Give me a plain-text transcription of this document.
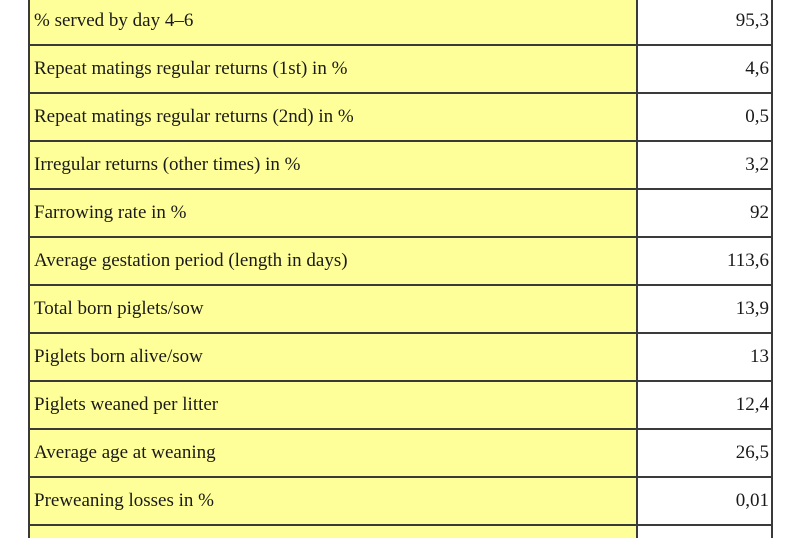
% served by day 4–6	95,3
Repeat matings regular returns (1st) in %	4,6
Repeat matings regular returns (2nd) in %	0,5
Irregular returns (other times) in %	3,2
Farrowing rate in %	92
Average gestation period (length in days)	113,6
Total born piglets/sow	13,9
Piglets born alive/sow	13
Piglets weaned per litter	12,4
Average age at weaning	26,5
Preweaning losses in %	0,01
